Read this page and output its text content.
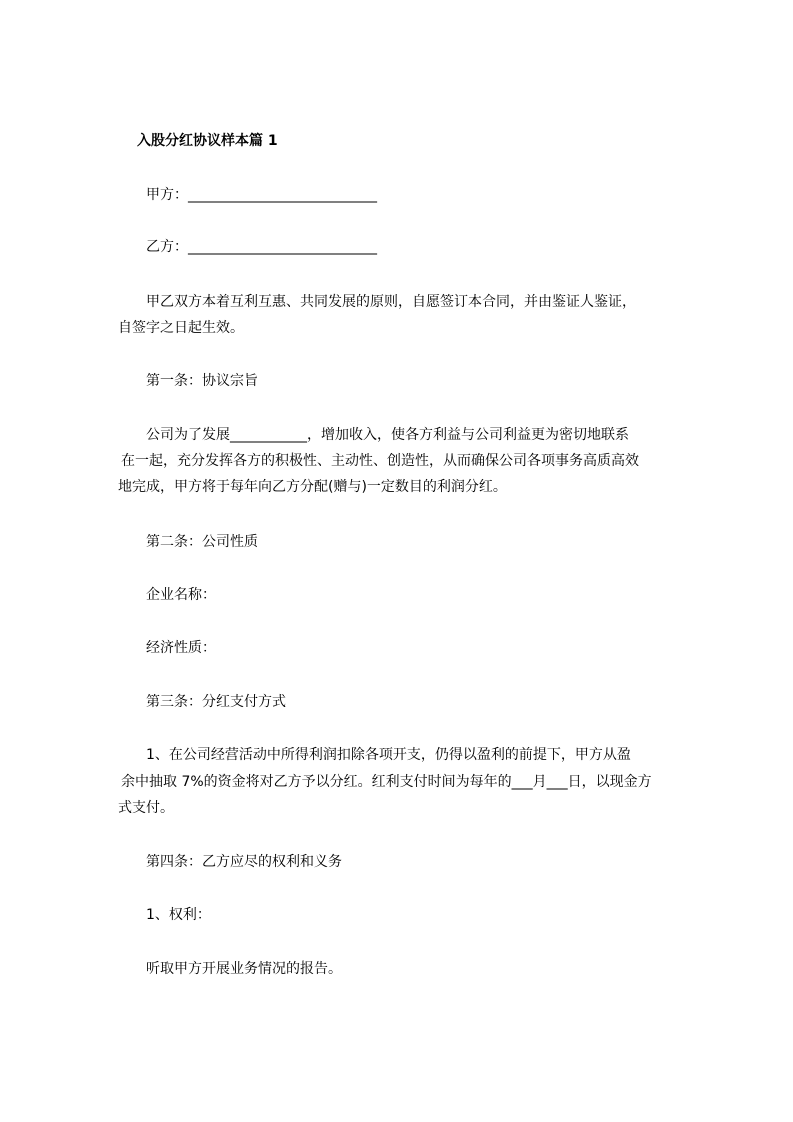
入股分红协议样本篇 1

甲方：___________________________

乙方：___________________________

甲乙双方本着互利互惠、共同发展的原则，自愿签订本合同，并由鉴证人鉴证，

自签字之日起生效。

第一条：协议宗旨

公司为了发展___________，增加收入，使各方利益与公司利益更为密切地联系

在一起，充分发挥各方的积极性、主动性、创造性，从而确保公司各项事务高质高效

地完成，甲方将于每年向乙方分配(赠与)一定数目的利润分红。

第二条：公司性质

企业名称：

经济性质：

第三条：分红支付方式

1、在公司经营活动中所得利润扣除各项开支，仍得以盈利的前提下，甲方从盈

余中抽取 7%的资金将对乙方予以分红。红利支付时间为每年的___月___日，以现金方

式支付。

第四条：乙方应尽的权利和义务

1、权利：

听取甲方开展业务情况的报告。
